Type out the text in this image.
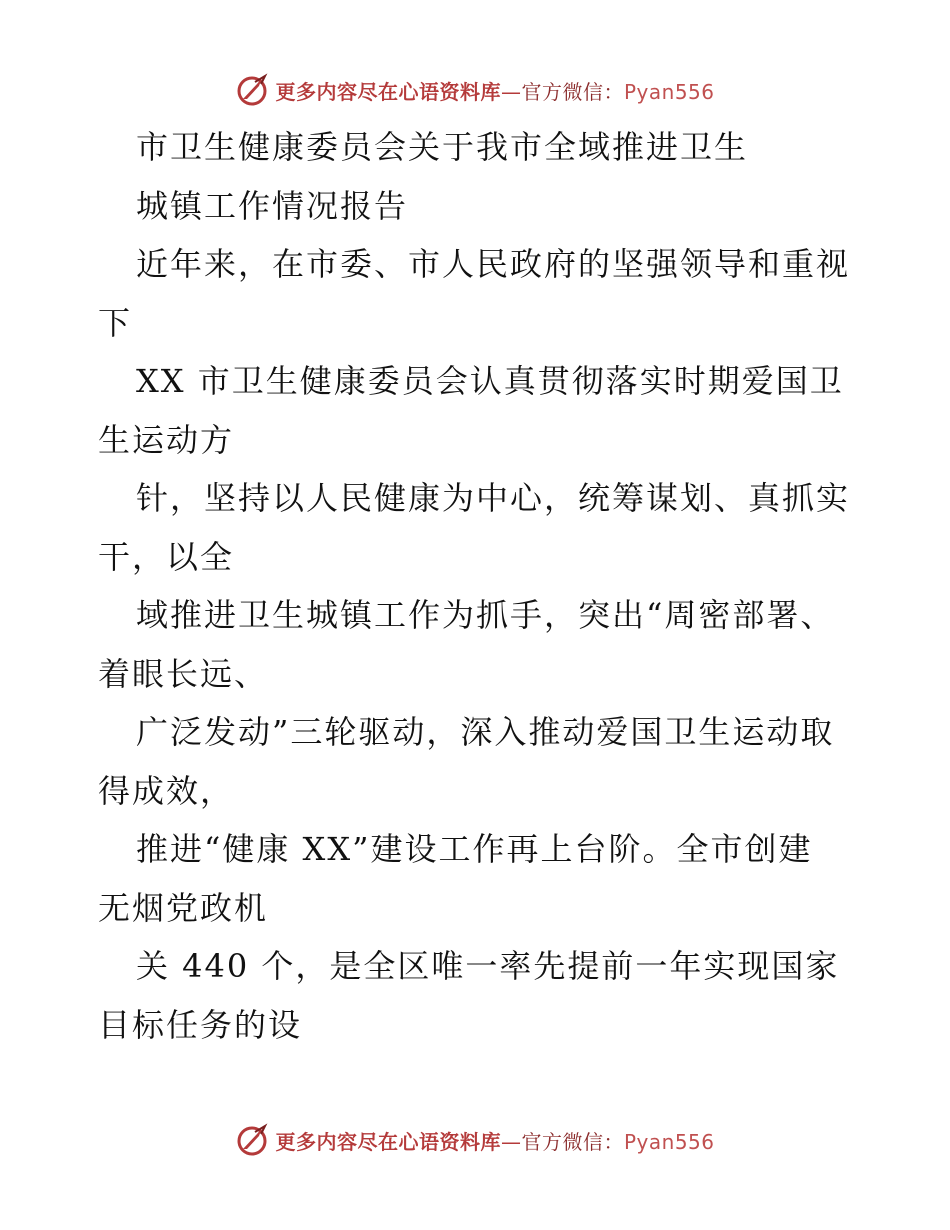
更多内容尽在心语资料库—官方微信：Pyan556
市卫生健康委员会关于我市全域推进卫生
城镇工作情况报告
近年来，在市委、市人民政府的坚强领导和重视
下
XX 市卫生健康委员会认真贯彻落实时期爱国卫
生运动方
针，坚持以人民健康为中心，统筹谋划、真抓实
干，以全
域推进卫生城镇工作为抓手，突出“周密部署、
着眼长远、
广泛发动”三轮驱动，深入推动爱国卫生运动取
得成效，
推进“健康 XX”建设工作再上台阶。全市创建
无烟党政机
关 440 个，是全区唯一率先提前一年实现国家
目标任务的设
更多内容尽在心语资料库—官方微信：Pyan556
